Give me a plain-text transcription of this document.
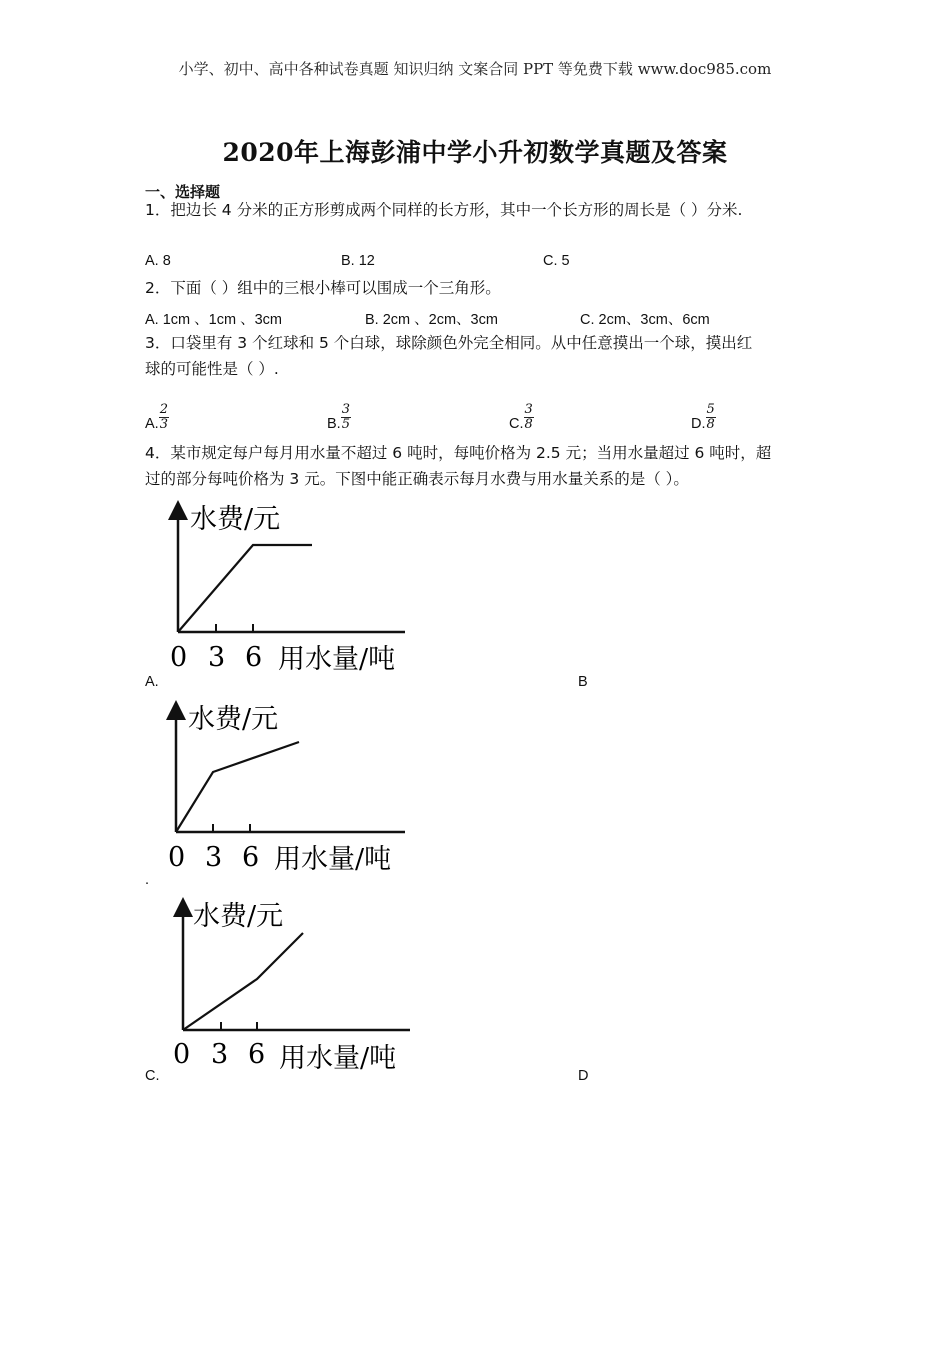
小学、初中、高中各种试卷真题 知识归纳 文案合同 PPT 等免费下载 www.doc985.com
2020年上海彭浦中学小升初数学真题及答案
一、选择题
1．把边长 4 分米的正方形剪成两个同样的长方形，其中一个长方形的周长是（ ）分米.
A. 8	B. 12	C. 5
2．下面（ ）组中的三根小棒可以围成一个三角形。
A. 1cm 、1cm 、3cm	B. 2cm 、2cm、3cm	C. 2cm、3cm、6cm
3．口袋里有 3 个红球和 5 个白球，球除颜色外完全相同。从中任意摸出一个球，摸出红
球的可能性是（ ）.
A. $\frac{2}{3}$	B. $\frac{3}{5}$	C. $\frac{3}{8}$	D. $\frac{5}{8}$
4．某市规定每户每月用水量不超过 6 吨时，每吨价格为 2.5 元；当用水量超过 6 吨时，超
过的部分每吨价格为 3 元。下图中能正确表示每月水费与用水量关系的是（ ）。
水费/元
0 3 6 用水量/吨
A.	B
水费/元
0 3 6 用水量/吨
.
水费/元
0 3 6 用水量/吨
C.	D
